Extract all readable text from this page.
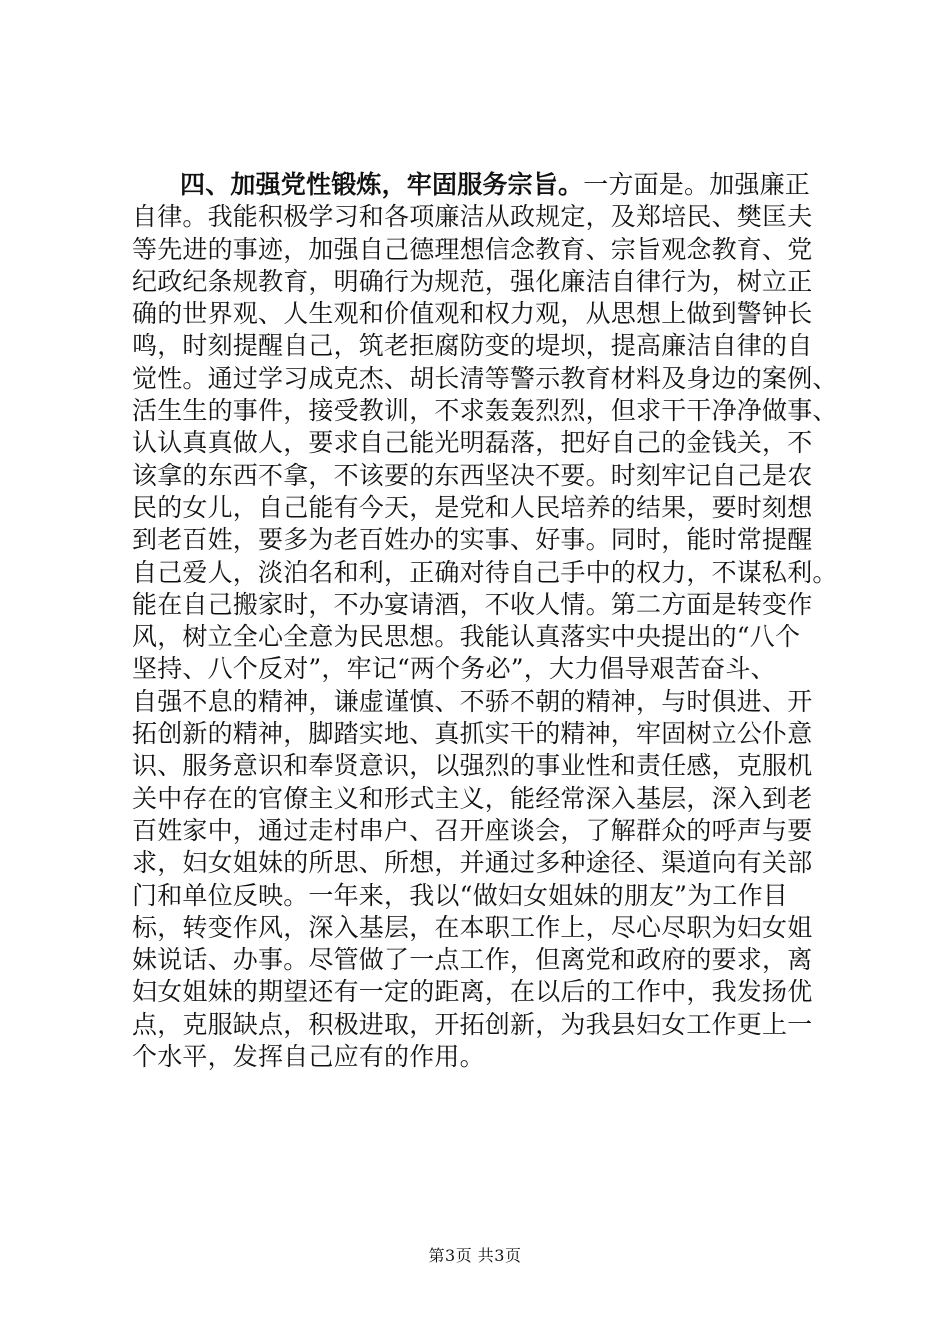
四、加强党性锻炼，牢固服务宗旨。一方面是。加强廉正
自律。我能积极学习和各项廉洁从政规定，及郑培民、樊匡夫
等先进的事迹，加强自己德理想信念教育、宗旨观念教育、党
纪政纪条规教育，明确行为规范，强化廉洁自律行为，树立正
确的世界观、人生观和价值观和权力观，从思想上做到警钟长
鸣，时刻提醒自己，筑老拒腐防变的堤坝，提高廉洁自律的自
觉性。通过学习成克杰、胡长清等警示教育材料及身边的案例、
活生生的事件，接受教训，不求轰轰烈烈，但求干干净净做事、
认认真真做人，要求自己能光明磊落，把好自己的金钱关，不
该拿的东西不拿，不该要的东西坚决不要。时刻牢记自己是农
民的女儿，自己能有今天，是党和人民培养的结果，要时刻想
到老百姓，要多为老百姓办的实事、好事。同时，能时常提醒
自己爱人，淡泊名和利，正确对待自己手中的权力，不谋私利。
能在自己搬家时，不办宴请酒，不收人情。第二方面是转变作
风，树立全心全意为民思想。我能认真落实中央提出的“八个
坚持、八个反对”，牢记“两个务必”，大力倡导艰苦奋斗、
自强不息的精神，谦虚谨慎、不骄不朝的精神，与时俱进、开
拓创新的精神，脚踏实地、真抓实干的精神，牢固树立公仆意
识、服务意识和奉贤意识，以强烈的事业性和责任感，克服机
关中存在的官僚主义和形式主义，能经常深入基层，深入到老
百姓家中，通过走村串户、召开座谈会，了解群众的呼声与要
求，妇女姐妹的所思、所想，并通过多种途径、渠道向有关部
门和单位反映。一年来，我以“做妇女姐妹的朋友”为工作目
标，转变作风，深入基层，在本职工作上，尽心尽职为妇女姐
妹说话、办事。尽管做了一点工作，但离党和政府的要求，离
妇女姐妹的期望还有一定的距离，在以后的工作中，我发扬优
点，克服缺点，积极进取，开拓创新，为我县妇女工作更上一
个水平，发挥自己应有的作用。
第3页 共3页
